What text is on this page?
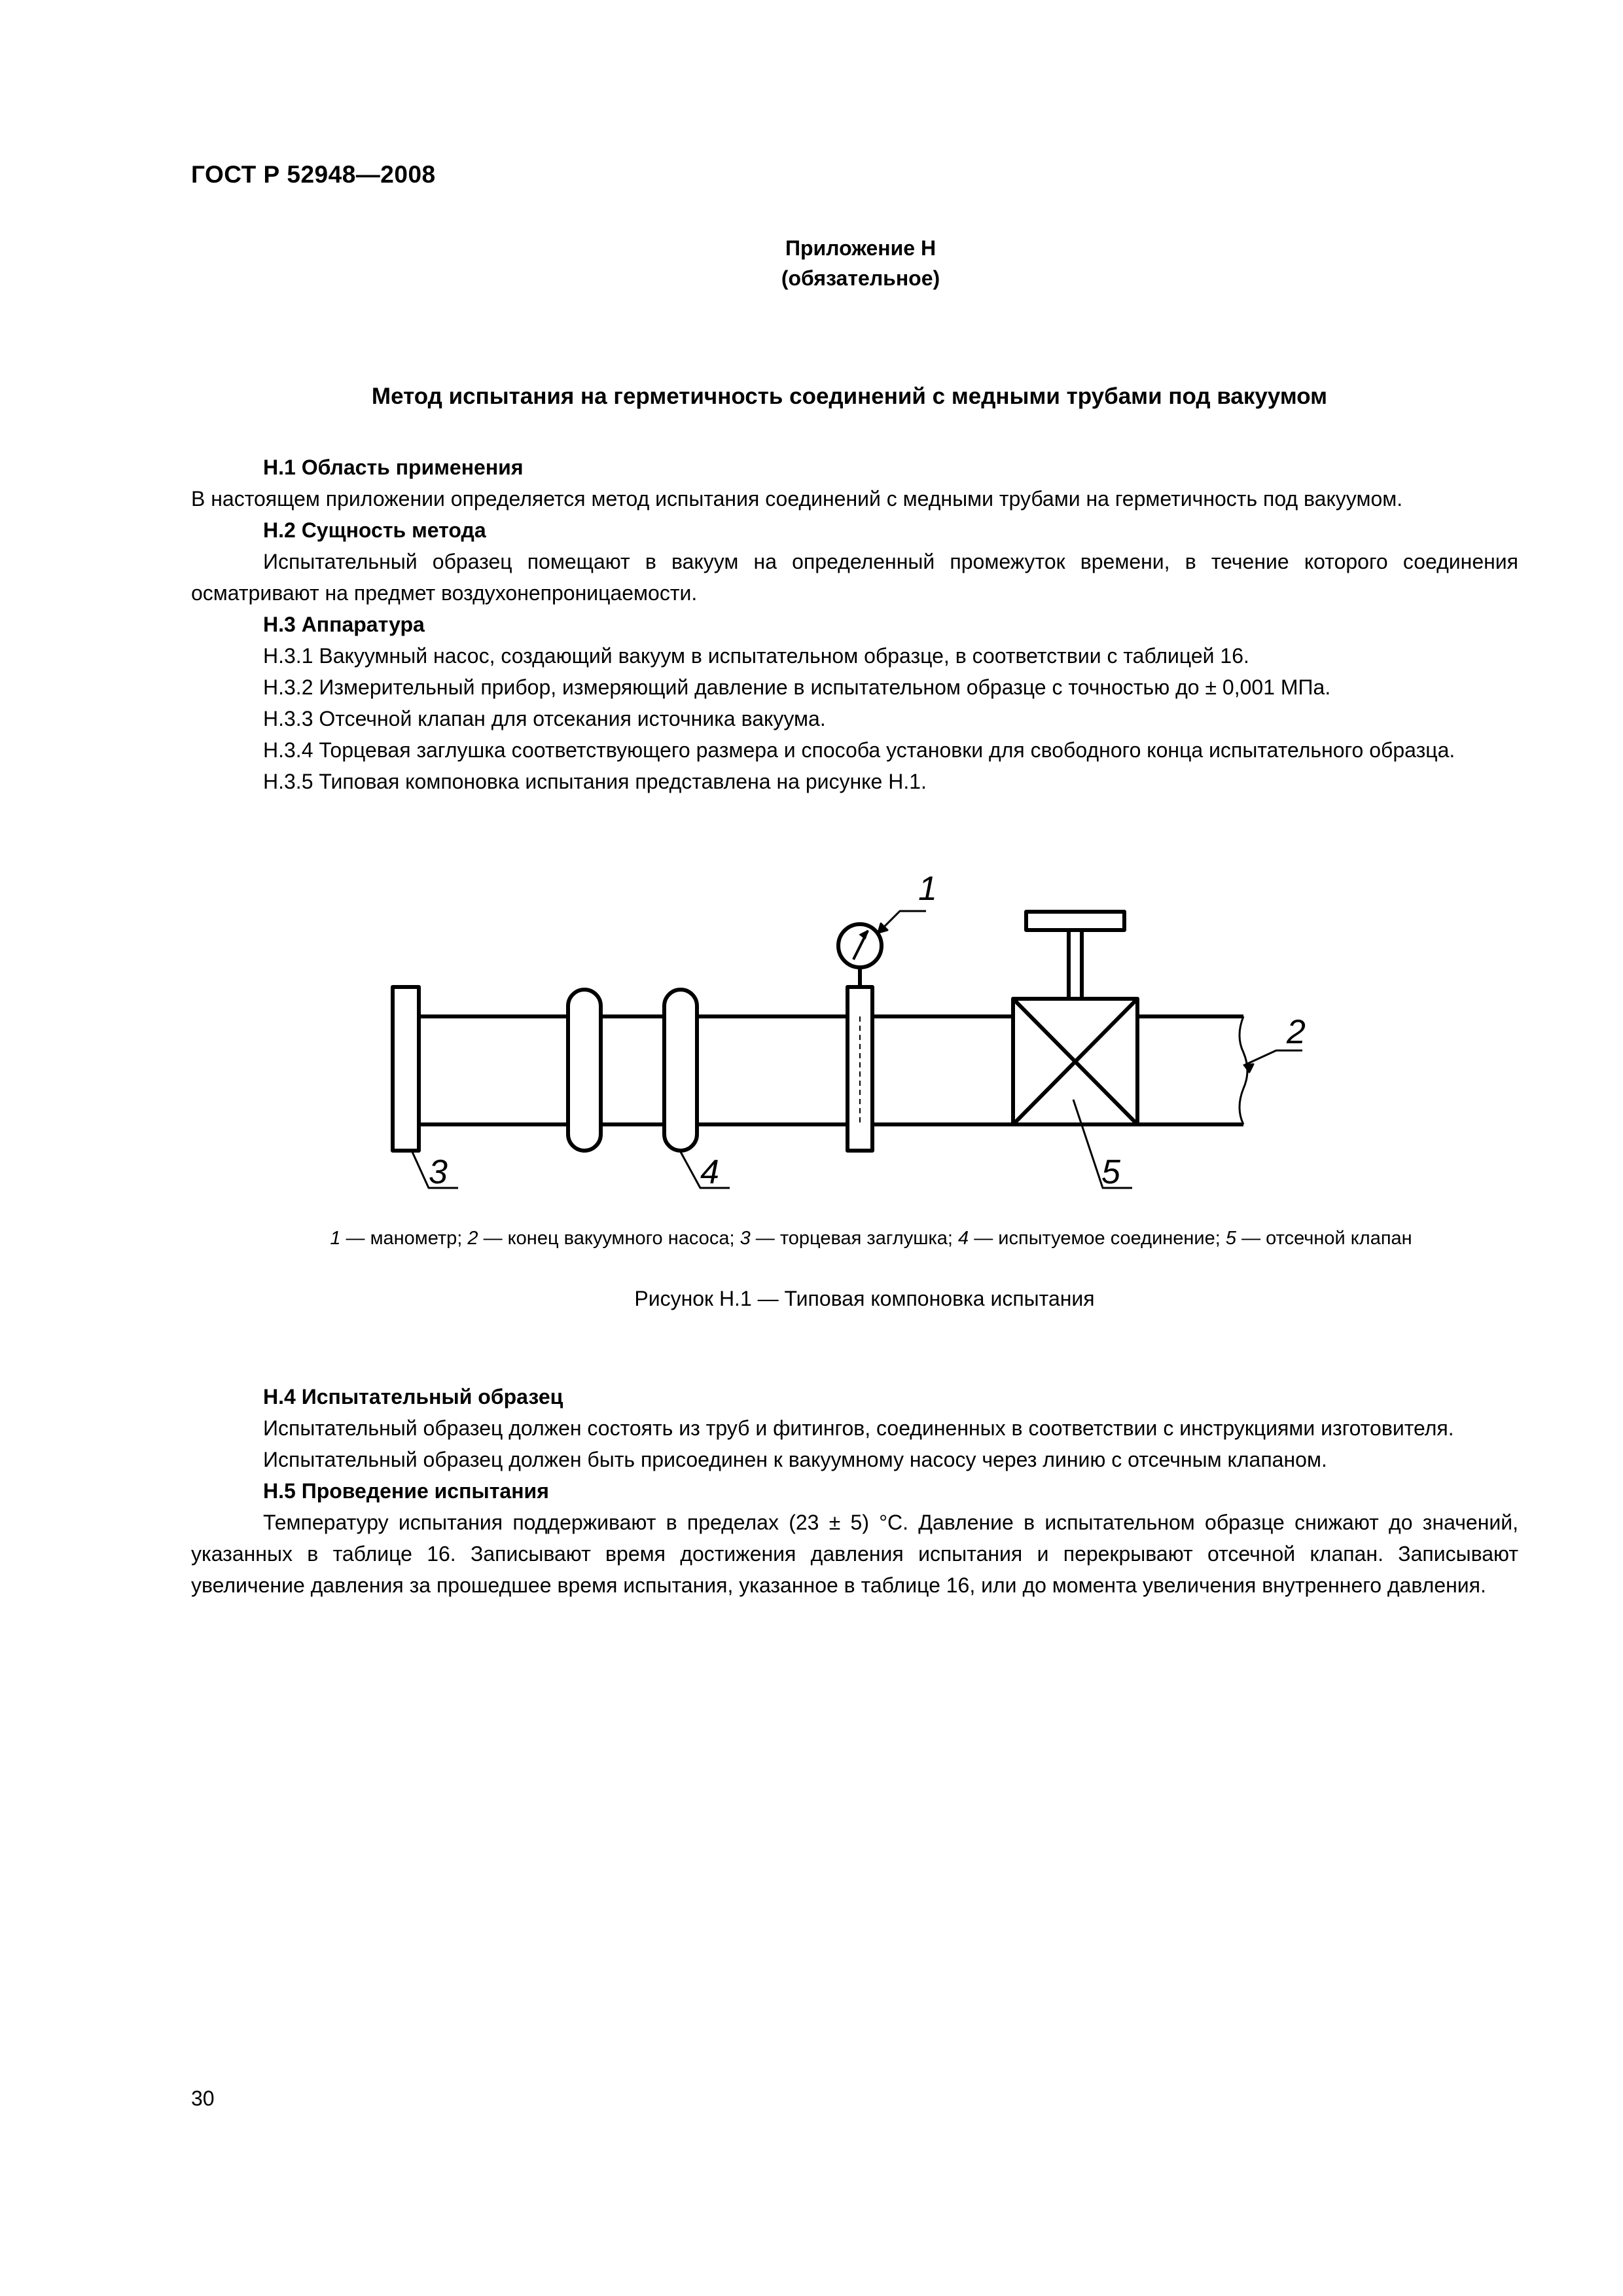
ГОСТ Р 52948—2008
Приложение Н
(обязательное)
Метод испытания на герметичность соединений с медными трубами под вакуумом

Н.1 Область применения

В настоящем приложении определяется метод испытания соединений с медными трубами на герметичность под вакуумом.

Н.2 Сущность метода

Испытательный образец помещают в вакуум на определенный промежуток времени, в течение которого соединения осматривают на предмет воздухонепроницаемости.

Н.3 Аппаратура

Н.3.1 Вакуумный насос, создающий вакуум в испытательном образце, в соответствии с таблицей 16.

Н.3.2 Измерительный прибор, измеряющий давление в испытательном образце с точностью до ± 0,001 МПа.

Н.3.3 Отсечной клапан для отсекания источника вакуума.

Н.3.4 Торцевая заглушка соответствующего размера и способа установки для свободного конца испытательного образца.

Н.3.5 Типовая компоновка испытания представлена на рисунке Н.1.

1
2
3	4	5
1 — манометр; 2 — конец вакуумного насоса; 3 — торцевая заглушка; 4 — испытуемое соединение; 5 — отсечной клапан
Рисунок Н.1 — Типовая компоновка испытания

Н.4 Испытательный образец

Испытательный образец должен состоять из труб и фитингов, соединенных в соответствии с инструкциями изготовителя.

Испытательный образец должен быть присоединен к вакуумному насосу через линию с отсечным клапаном.

Н.5 Проведение испытания

Температуру испытания поддерживают в пределах (23 ± 5) °С. Давление в испытательном образце снижают до значений, указанных в таблице 16. Записывают время достижения давления испытания и перекрывают отсечной клапан. Записывают увеличение давления за прошедшее время испытания, указанное в таблице 16, или до момента увеличения внутреннего давления.

30
